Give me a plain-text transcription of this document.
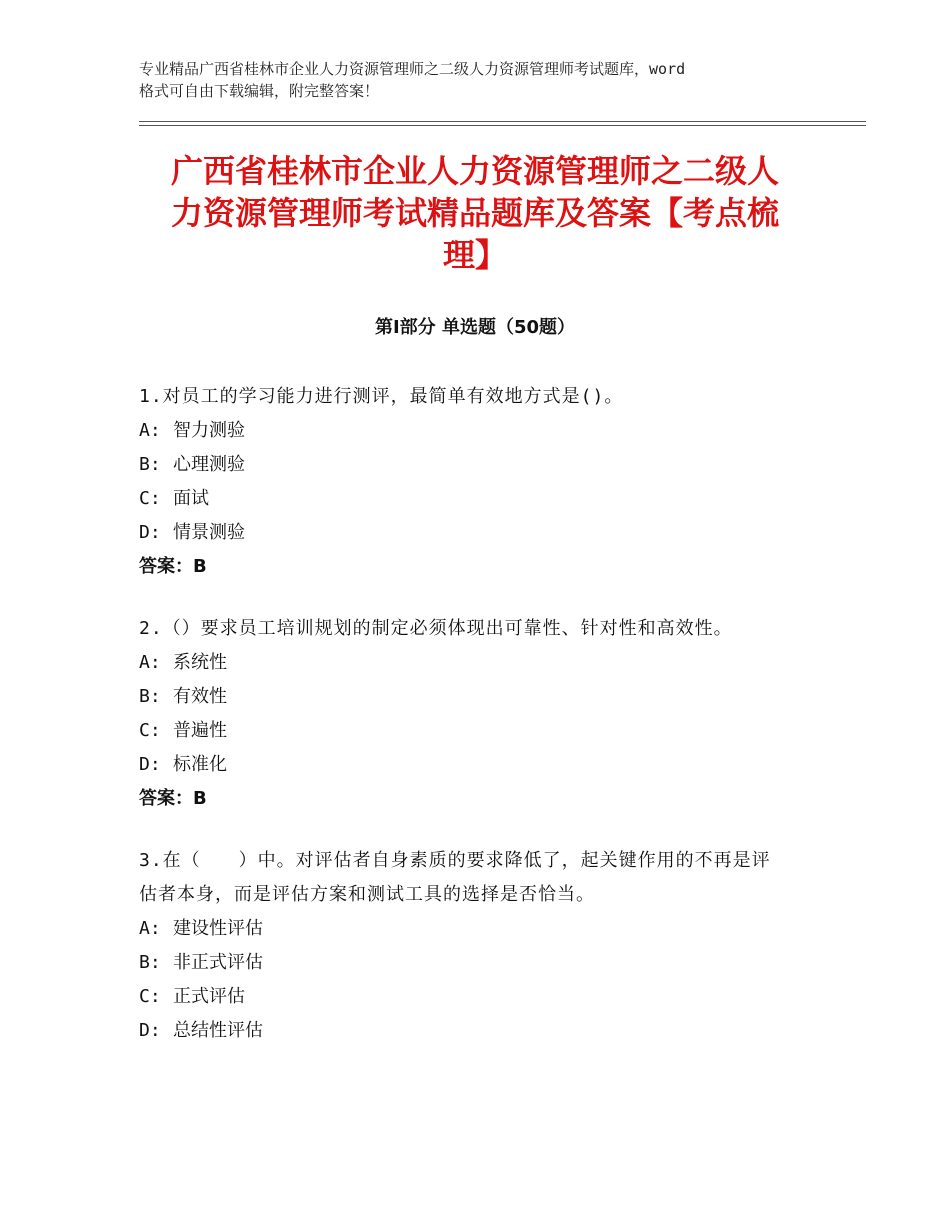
专业精品广西省桂林市企业人力资源管理师之二级人力资源管理师考试题库，word
格式可自由下载编辑，附完整答案！
广西省桂林市企业人力资源管理师之二级人
力资源管理师考试精品题库及答案【考点梳
理】
第Ⅰ部分 单选题（50题）
1.对员工的学习能力进行测评，最简单有效地方式是()。
A: 智力测验
B: 心理测验
C: 面试
D: 情景测验
答案：B
2.（）要求员工培训规划的制定必须体现出可靠性、针对性和高效性。
A: 系统性
B: 有效性
C: 普遍性
D: 标准化
答案：B
3.在（　　）中。对评估者自身素质的要求降低了，起关键作用的不再是评估者本身，而是评估方案和测试工具的选择是否恰当。
A: 建设性评估
B: 非正式评估
C: 正式评估
D: 总结性评估
